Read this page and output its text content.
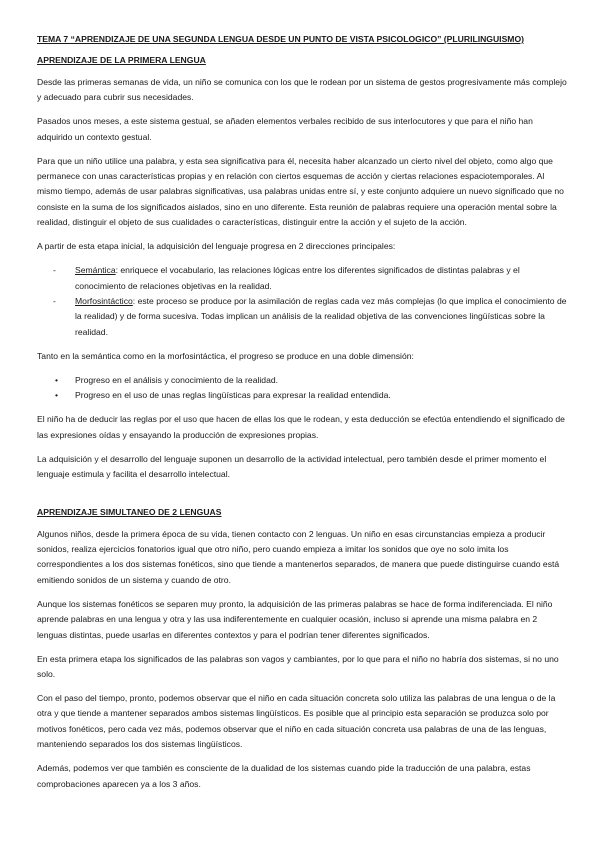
TEMA 7 “APRENDIZAJE DE UNA SEGUNDA LENGUA DESDE UN PUNTO DE VISTA PSICOLOGICO” (PLURILINGUISMO)
APRENDIZAJE DE LA PRIMERA LENGUA

Desde las primeras semanas de vida, un niño se comunica con los que le rodean por un sistema de gestos progresivamente más complejo y adecuado para cubrir sus necesidades.

Pasados unos meses, a este sistema gestual, se añaden elementos verbales recibido de sus interlocutores y que para el niño han adquirido un contexto gestual.

Para que un niño utilice una palabra, y esta sea significativa para él, necesita haber alcanzado un cierto nivel del objeto, como algo que permanece con unas características propias y en relación con ciertos esquemas de acción y ciertas relaciones espaciotemporales. Al mismo tiempo, además de usar palabras significativas, usa palabras unidas entre sí, y este conjunto adquiere un nuevo significado que no consiste en la suma de los significados aislados, sino en uno diferente. Esta reunión de palabras requiere una operación mental sobre la realidad, distinguir el objeto de sus cualidades o características, distinguir entre la acción y el sujeto de la acción.

A partir de esta etapa inicial, la adquisición del lenguaje progresa en 2 direcciones principales:

- Semántica: enriquece el vocabulario, las relaciones lógicas entre los diferentes significados de distintas palabras y el conocimiento de relaciones objetivas en la realidad.
- Morfosintáctico: este proceso se produce por la asimilación de reglas cada vez más complejas (lo que implica el conocimiento de la realidad) y de forma sucesiva. Todas implican un análisis de la realidad objetiva de las convenciones lingüísticas sobre la realidad.

Tanto en la semántica como en la morfosintáctica, el progreso se produce en una doble dimensión:

• Progreso en el análisis y conocimiento de la realidad.
• Progreso en el uso de unas reglas lingüísticas para expresar la realidad entendida.

El niño ha de deducir las reglas por el uso que hacen de ellas los que le rodean, y esta deducción se efectúa entendiendo el significado de las expresiones oídas y ensayando la producción de expresiones propias.

La adquisición y el desarrollo del lenguaje suponen un desarrollo de la actividad intelectual, pero también desde el primer momento el lenguaje estimula y facilita el desarrollo intelectual.

APRENDIZAJE SIMULTANEO DE 2 LENGUAS

Algunos niños, desde la primera época de su vida, tienen contacto con 2 lenguas. Un niño en esas circunstancias empieza a producir sonidos, realiza ejercicios fonatorios igual que otro niño, pero cuando empieza a imitar los sonidos que oye no solo imita los correspondientes a los dos sistemas fonéticos, sino que tiende a mantenerlos separados, de manera que puede distinguirse cuando está emitiendo sonidos de un sistema y cuando de otro.

Aunque los sistemas fonéticos se separen muy pronto, la adquisición de las primeras palabras se hace de forma indiferenciada. El niño aprende palabras en una lengua y otra y las usa indiferentemente en cualquier ocasión, incluso si aprende una misma palabra en 2 lenguas distintas, puede usarlas en diferentes contextos y para el podrían tener diferentes significados.

En esta primera etapa los significados de las palabras son vagos y cambiantes, por lo que para el niño no habría dos sistemas, si no uno solo.

Con el paso del tiempo, pronto, podemos observar que el niño en cada situación concreta solo utiliza las palabras de una lengua o de la otra y que tiende a mantener separados ambos sistemas lingüísticos. Es posible que al principio esta separación se produzca solo por motivos fonéticos, pero cada vez más, podemos observar que el niño en cada situación concreta usa palabras de una de las lenguas, manteniendo separados los dos sistemas lingüísticos.

Además, podemos ver que también es consciente de la dualidad de los sistemas cuando pide la traducción de una palabra, estas comprobaciones aparecen ya a los 3 años.
